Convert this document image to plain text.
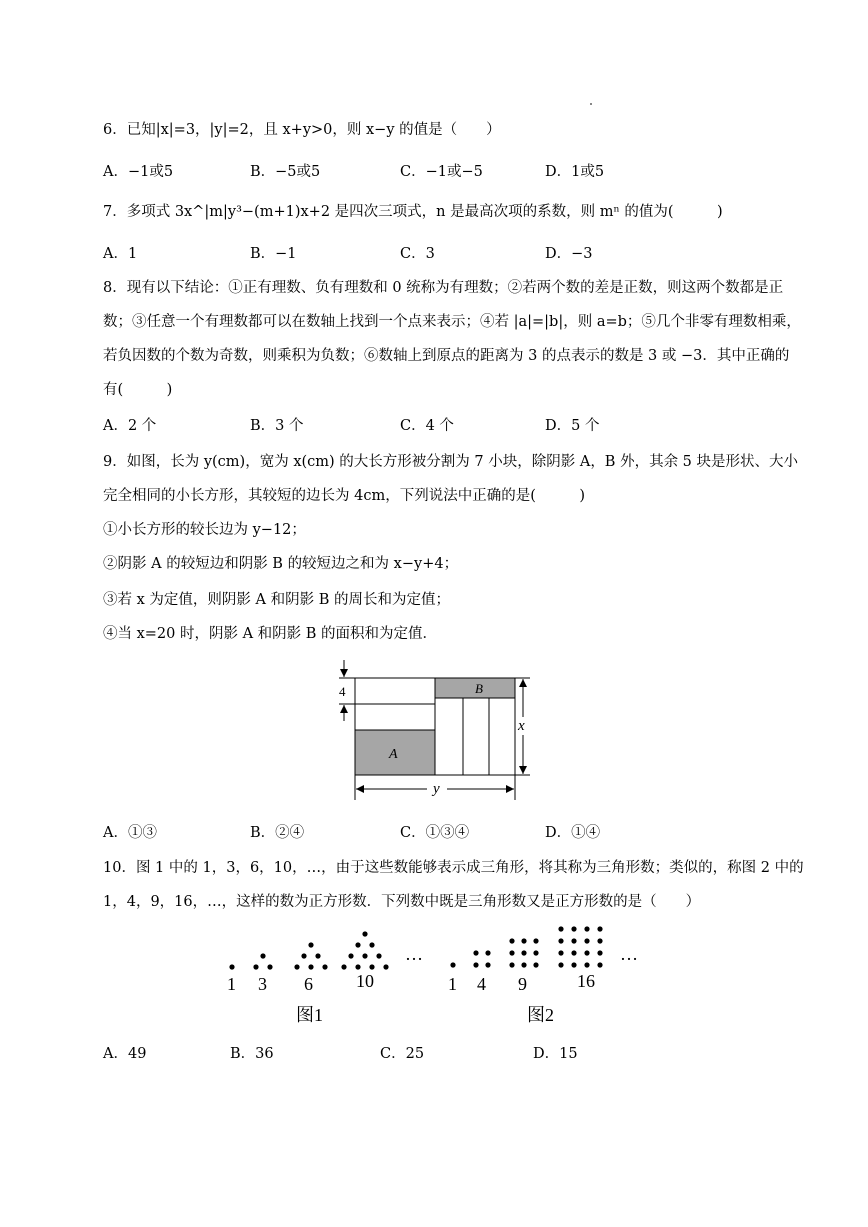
6．已知|x|=3，|y|=2，且 x+y>0，则 x−y 的值是（　　）
A．−1或5	B．−5或5	C．−1或−5	D．1或5
7．多项式 3x^|m|y³−(m+1)x+2 是四次三项式，n 是最高次项的系数，则 mⁿ 的值为(　　　)
A．1	B．−1	C．3	D．−3
8．现有以下结论：①正有理数、负有理数和 0 统称为有理数；②若两个数的差是正数，则这两个数都是正
数；③任意一个有理数都可以在数轴上找到一个点来表示；④若 |a|=|b|，则 a=b；⑤几个非零有理数相乘，
若负因数的个数为奇数，则乘积为负数；⑥数轴上到原点的距离为 3 的点表示的数是 3 或 −3．其中正确的
有(　　　)
A．2 个	B．3 个	C．4 个	D．5 个
9．如图，长为 y(cm)，宽为 x(cm) 的大长方形被分割为 7 小块，除阴影 A，B 外，其余 5 块是形状、大小
完全相同的小长方形，其较短的边长为 4cm，下列说法中正确的是(　　　)
①小长方形的较长边为 y−12；
②阴影 A 的较短边和阴影 B 的较短边之和为 x−y+4；
③若 x 为定值，则阴影 A 和阴影 B 的周长和为定值；
④当 x=20 时，阴影 A 和阴影 B 的面积和为定值．
4
A
B
x
y
A．①③	B．②④	C．①③④	D．①④
10．图 1 中的 1，3，6，10，…，由于这些数能够表示成三角形，将其称为三角形数；类似的，称图 2 中的
1，4，9，16，…，这样的数为正方形数．下列数中既是三角形数又是正方形数的是（　　）
…	…
1 3 6 10	1 4 9	16
图1	图2
A．49	B．36	C．25	D．15
